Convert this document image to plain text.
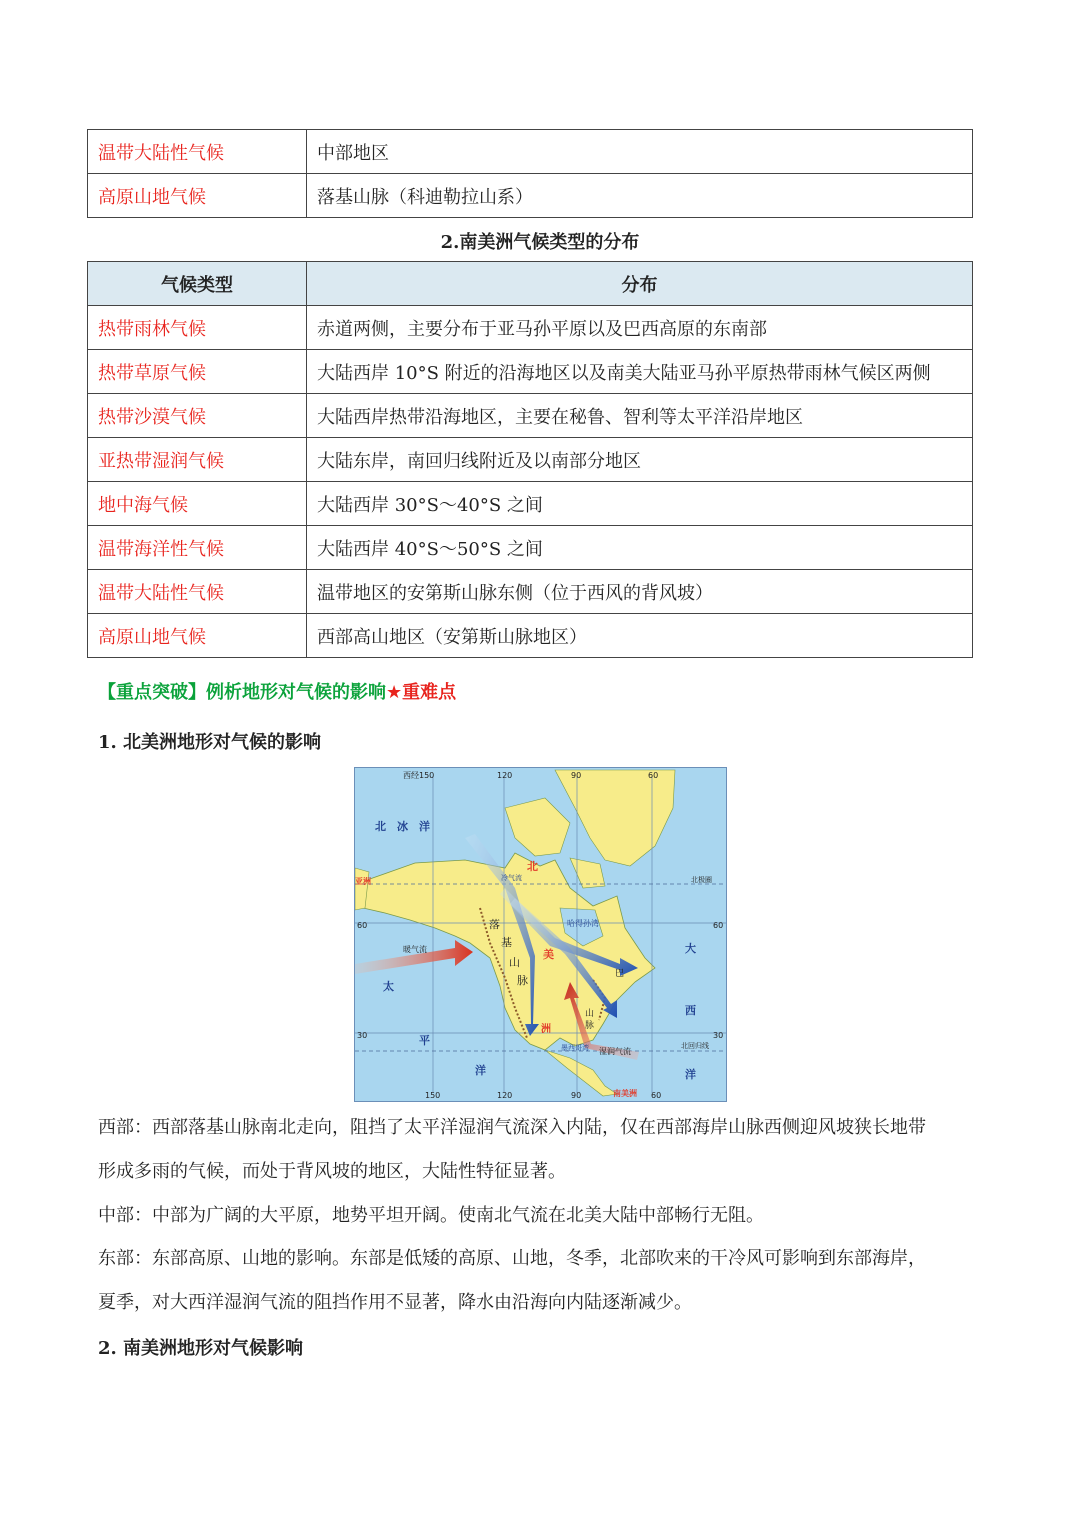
温带大陆性气候	中部地区
高原山地气候	落基山脉（科迪勒拉山系）
2.南美洲气候类型的分布
气候类型	分布
热带雨林气候	赤道两侧，主要分布于亚马孙平原以及巴西高原的东南部
热带草原气候	大陆西岸 10°S 附近的沿海地区以及南美大陆亚马孙平原热带雨林气候区两侧
热带沙漠气候	大陆西岸热带沿海地区，主要在秘鲁、智利等太平洋沿岸地区
亚热带湿润气候	大陆东岸，南回归线附近及以南部分地区
地中海气候	大陆西岸 30°S～40°S 之间
温带海洋性气候	大陆西岸 40°S～50°S 之间
温带大陆性气候	温带地区的安第斯山脉东侧（位于西风的背风坡）
高原山地气候	西部高山地区（安第斯山脉地区）
【重点突破】例析地形对气候的影响★重难点
1. 北美洲地形对气候的影响
西经150	120	90	60
150	120	90	60
60
30
60
30
北　冰　洋
亚洲
北
美
洲
落
基
山
脉	巴
山
脉
哈得孙湾
北极圈
北回归线
暖气流
冷气流
墨西哥湾 湿润气流
太
平
洋
大
西
洋
南美洲
西部：西部落基山脉南北走向，阻挡了太平洋湿润气流深入内陆，仅在西部海岸山脉西侧迎风坡狭长地带
形成多雨的气候，而处于背风坡的地区，大陆性特征显著。
中部：中部为广阔的大平原，地势平坦开阔。使南北气流在北美大陆中部畅行无阻。
东部：东部高原、山地的影响。东部是低矮的高原、山地，冬季，北部吹来的干冷风可影响到东部海岸，
夏季，对大西洋湿润气流的阻挡作用不显著，降水由沿海向内陆逐渐减少。
2. 南美洲地形对气候影响
